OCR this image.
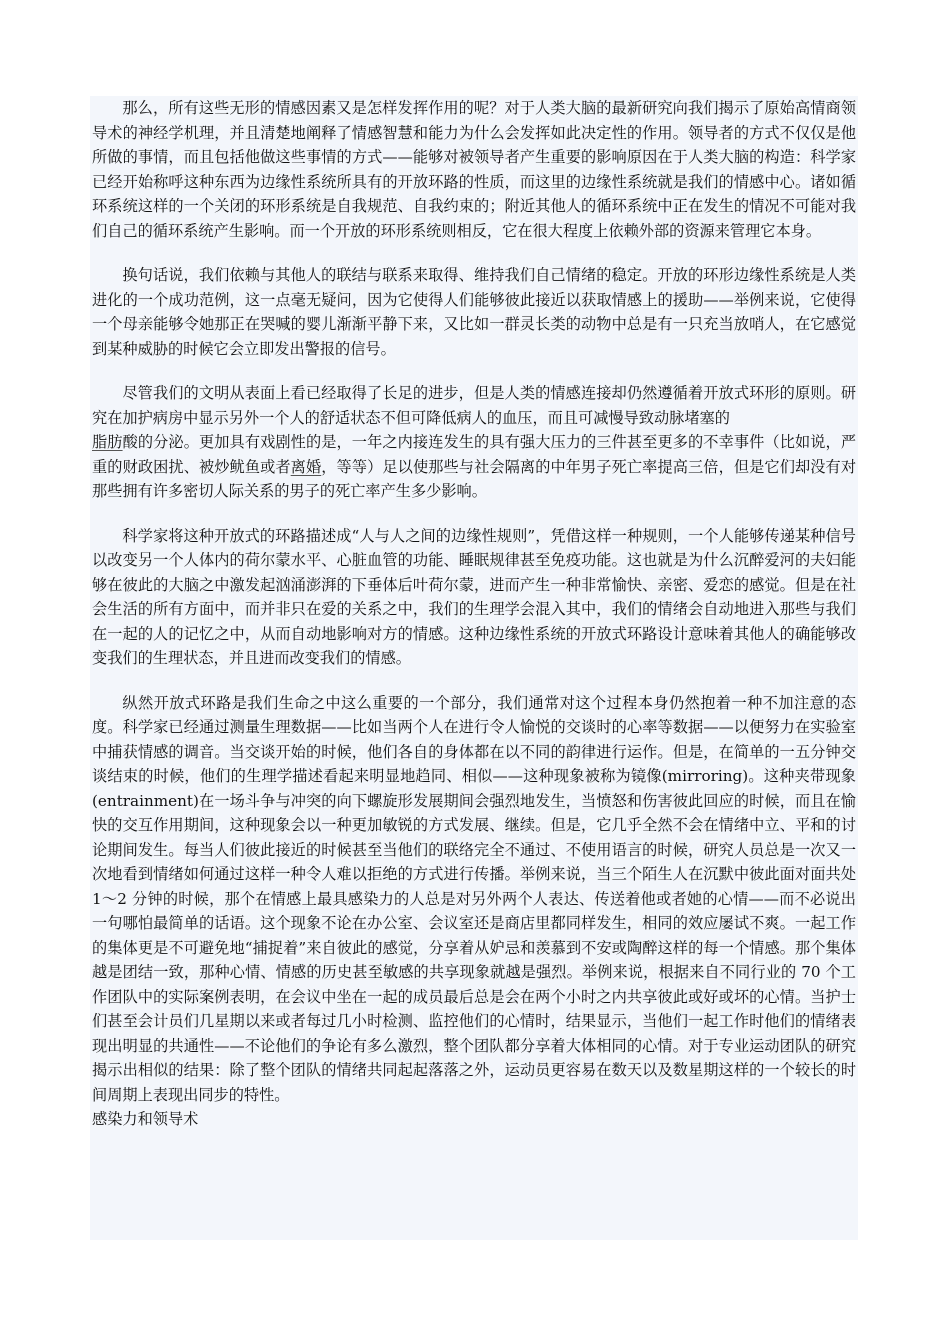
那么，所有这些无形的情感因素又是怎样发挥作用的呢？对于人类大脑的最新研究向我们揭示了原始高情商领导术的神经学机理，并且清楚地阐释了情感智慧和能力为什么会发挥如此决定性的作用。领导者的方式不仅仅是他所做的事情，而且包括他做这些事情的方式——能够对被领导者产生重要的影响原因在于人类大脑的构造：科学家已经开始称呼这种东西为边缘性系统所具有的开放环路的性质，而这里的边缘性系统就是我们的情感中心。诸如循环系统这样的一个关闭的环形系统是自我规范、自我约束的；附近其他人的循环系统中正在发生的情况不可能对我们自己的循环系统产生影响。而一个开放的环形系统则相反，它在很大程度上依赖外部的资源来管理它本身。

换句话说，我们依赖与其他人的联结与联系来取得、维持我们自己情绪的稳定。开放的环形边缘性系统是人类进化的一个成功范例，这一点毫无疑问，因为它使得人们能够彼此接近以获取情感上的援助——举例来说，它使得一个母亲能够令她那正在哭喊的婴儿渐渐平静下来，又比如一群灵长类的动物中总是有一只充当放哨人，在它感觉到某种威胁的时候它会立即发出警报的信号。

尽管我们的文明从表面上看已经取得了长足的进步，但是人类的情感连接却仍然遵循着开放式环形的原则。研究在加护病房中显示另外一个人的舒适状态不但可降低病人的血压，而且可减慢导致动脉堵塞的

脂肪酸的分泌。更加具有戏剧性的是，一年之内接连发生的具有强大压力的三件甚至更多的不幸事件（比如说，严重的财政困扰、被炒鱿鱼或者离婚，等等）足以使那些与社会隔离的中年男子死亡率提高三倍，但是它们却没有对那些拥有许多密切人际关系的男子的死亡率产生多少影响。

科学家将这种开放式的环路描述成“人与人之间的边缘性规则”，凭借这样一种规则，一个人能够传递某种信号以改变另一个人体内的荷尔蒙水平、心脏血管的功能、睡眠规律甚至免疫功能。这也就是为什么沉醉爱河的夫妇能够在彼此的大脑之中激发起汹涌澎湃的下垂体后叶荷尔蒙，进而产生一种非常愉快、亲密、爱恋的感觉。但是在社会生活的所有方面中，而并非只在爱的关系之中，我们的生理学会混入其中，我们的情绪会自动地进入那些与我们在一起的人的记忆之中，从而自动地影响对方的情感。这种边缘性系统的开放式环路设计意味着其他人的确能够改变我们的生理状态，并且进而改变我们的情感。

纵然开放式环路是我们生命之中这么重要的一个部分，我们通常对这个过程本身仍然抱着一种不加注意的态度。科学家已经通过测量生理数据——比如当两个人在进行令人愉悦的交谈时的心率等数据——以便努力在实验室中捕获情感的调音。当交谈开始的时候，他们各自的身体都在以不同的韵律进行运作。但是，在简单的一五分钟交谈结束的时候，他们的生理学描述看起来明显地趋同、相似——这种现象被称为镜像(mirroring)。这种夹带现象(entrainment)在一场斗争与冲突的向下螺旋形发展期间会强烈地发生，当愤怒和伤害彼此回应的时候，而且在愉快的交互作用期间，这种现象会以一种更加敏锐的方式发展、继续。但是，它几乎全然不会在情绪中立、平和的讨论期间发生。每当人们彼此接近的时候甚至当他们的联络完全不通过、不使用语言的时候，研究人员总是一次又一次地看到情绪如何通过这样一种令人难以拒绝的方式进行传播。举例来说，当三个陌生人在沉默中彼此面对面共处 1～2 分钟的时候，那个在情感上最具感染力的人总是对另外两个人表达、传送着他或者她的心情——而不必说出一句哪怕最简单的话语。这个现象不论在办公室、会议室还是商店里都同样发生，相同的效应屡试不爽。一起工作的集体更是不可避免地“捕捉着”来自彼此的感觉，分享着从妒忌和羡慕到不安或陶醉这样的每一个情感。那个集体越是团结一致，那种心情、情感的历史甚至敏感的共享现象就越是强烈。举例来说，根据来自不同行业的 70 个工作团队中的实际案例表明，在会议中坐在一起的成员最后总是会在两个小时之内共享彼此或好或坏的心情。当护士们甚至会计员们几星期以来或者每过几小时检测、监控他们的心情时，结果显示，当他们一起工作时他们的情绪表现出明显的共通性——不论他们的争论有多么激烈，整个团队都分享着大体相同的心情。对于专业运动团队的研究揭示出相似的结果：除了整个团队的情绪共同起起落落之外，运动员更容易在数天以及数星期这样的一个较长的时间周期上表现出同步的特性。

感染力和领导术
